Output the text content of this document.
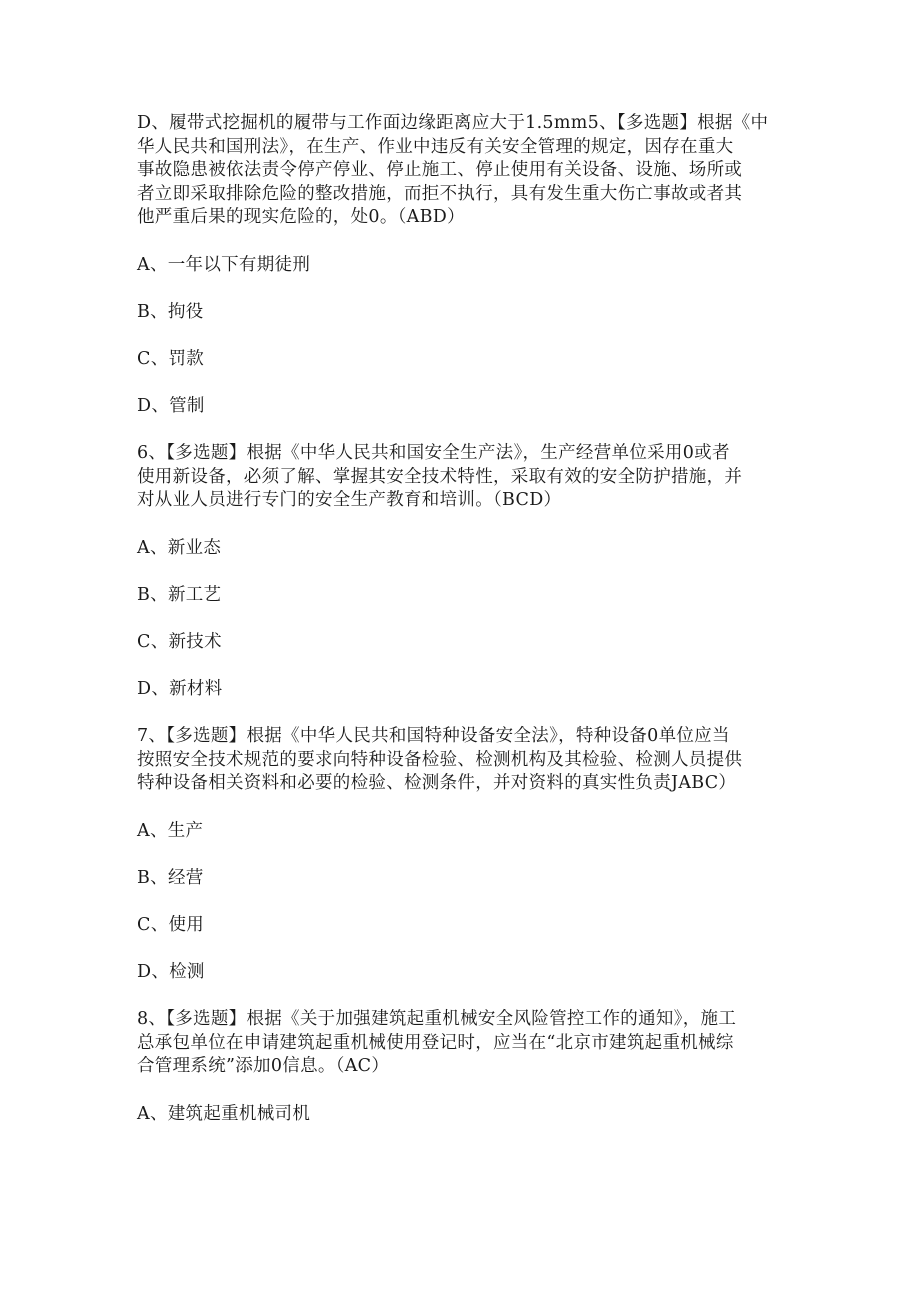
D、履带式挖掘机的履带与工作面边缘距离应大于1.5mm5、【多选题】根据《中
华人民共和国刑法》，在生产、作业中违反有关安全管理的规定，因存在重大
事故隐患被依法责令停产停业、停止施工、停止使用有关设备、设施、场所或
者立即采取排除危险的整改措施，而拒不执行，具有发生重大伤亡事故或者其
他严重后果的现实危险的，处0。（ABD）

A、一年以下有期徒刑

B、拘役

C、罚款

D、管制

6、【多选题】根据《中华人民共和国安全生产法》，生产经营单位采用0或者
使用新设备，必须了解、掌握其安全技术特性，采取有效的安全防护措施，并
对从业人员进行专门的安全生产教育和培训。（BCD）

A、新业态

B、新工艺

C、新技术

D、新材料

7、【多选题】根据《中华人民共和国特种设备安全法》，特种设备0单位应当
按照安全技术规范的要求向特种设备检验、检测机构及其检验、检测人员提供
特种设备相关资料和必要的检验、检测条件，并对资料的真实性负责JABC）

A、生产

B、经营

C、使用

D、检测

8、【多选题】根据《关于加强建筑起重机械安全风险管控工作的通知》，施工
总承包单位在申请建筑起重机械使用登记时，应当在“北京市建筑起重机械综
合管理系统”添加0信息。（AC）

A、建筑起重机械司机
